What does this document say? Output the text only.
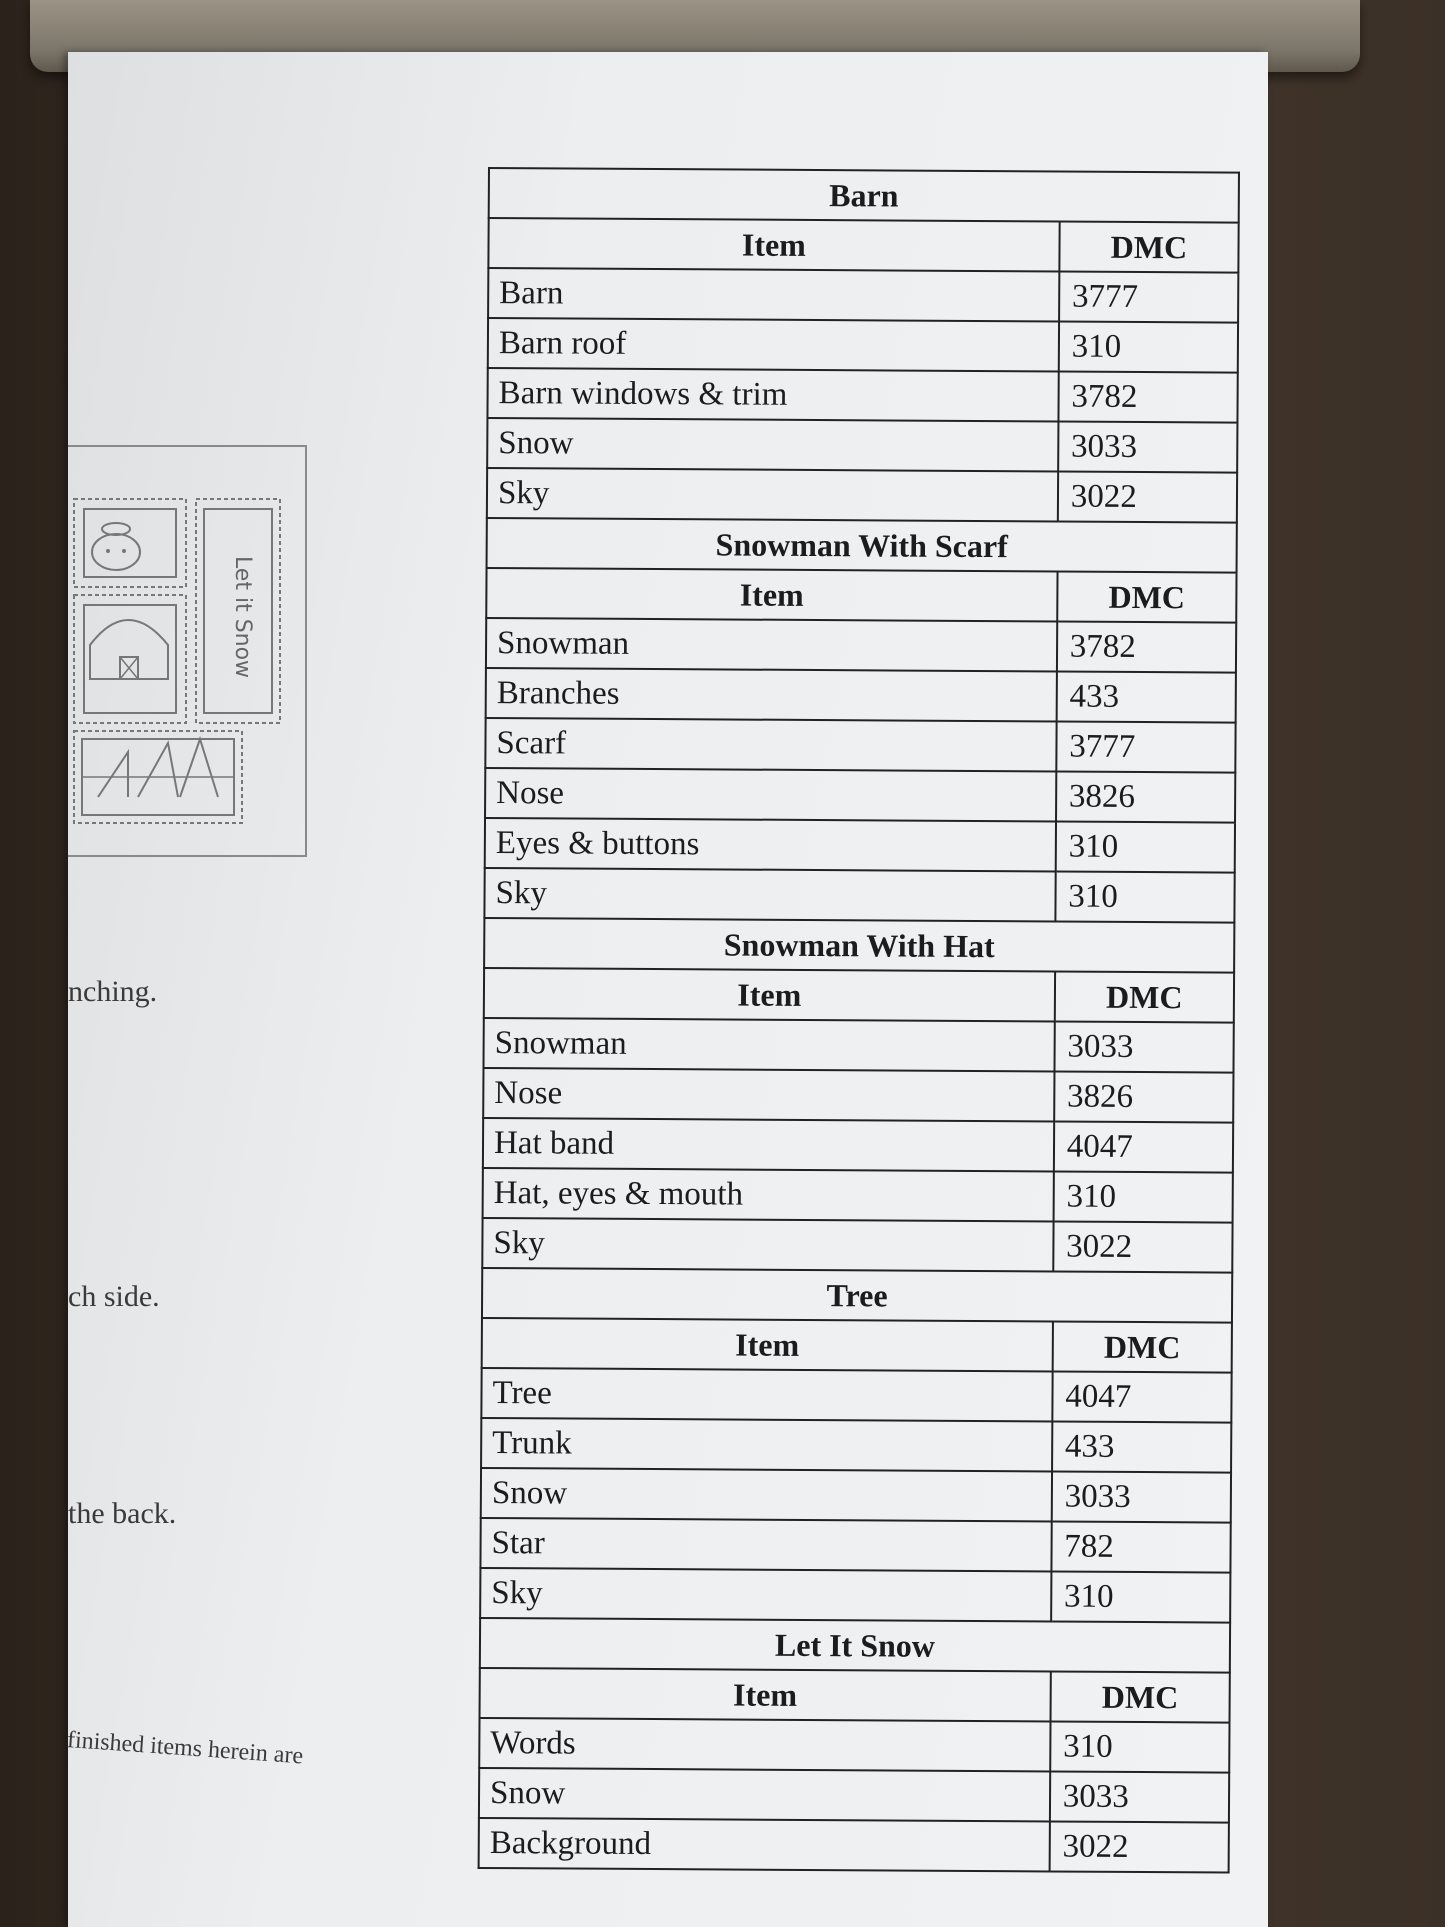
Let it Snow
nching.
ch side.
the back.
finished items herein are
Barn	
Item	DMC
Barn	3777
Barn roof	310
Barn windows & trim	3782
Snow	3033
Sky	3022
Snowman With Scarf	
Item	DMC
Snowman	3782
Branches	433
Scarf	3777
Nose	3826
Eyes & buttons	310
Sky	310
Snowman With Hat	
Item	DMC
Snowman	3033
Nose	3826
Hat band	4047
Hat, eyes & mouth	310
Sky	3022
Tree	
Item	DMC
Tree	4047
Trunk	433
Snow	3033
Star	782
Sky	310
Let It Snow	
Item	DMC
Words	310
Snow	3033
Background	3022
